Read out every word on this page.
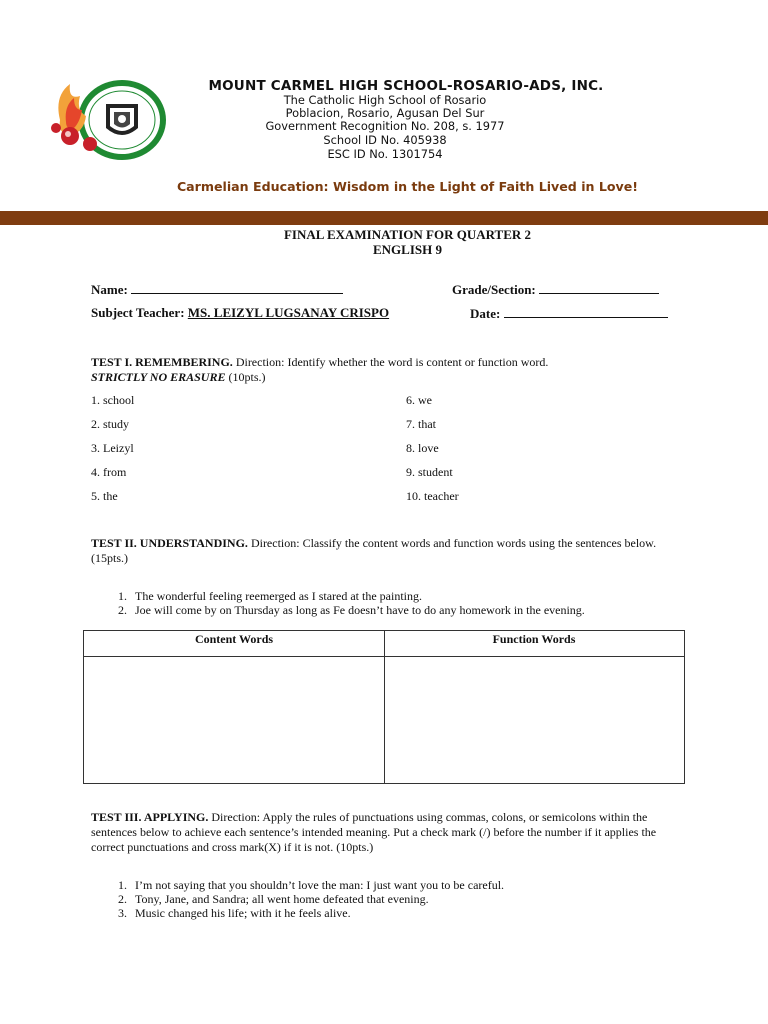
MOUNT CARMEL HIGH SCHOOL-ROSARIO-ADS, INC.
The Catholic High School of Rosario
Poblacion, Rosario, Agusan Del Sur
Government Recognition No. 208, s. 1977
School ID No. 405938
ESC ID No. 1301754
Carmelian Education: Wisdom in the Light of Faith Lived in Love!
FINAL EXAMINATION FOR QUARTER 2
ENGLISH 9
Name:	Grade/Section:
Subject Teacher: MS. LEIZYL LUGSANAY CRISPO	Date:
TEST I. REMEMBERING. Direction: Identify whether the word is content or function word.
STRICTLY NO ERASURE (10pts.)
1. school
2. study
3. Leizyl
4. from
5. the
6. we
7. that
8. love
9. student
10. teacher
TEST II. UNDERSTANDING. Direction: Classify the content words and function words using the sentences below. (15pts.)
1. The wonderful feeling reemerged as I stared at the painting.
2. Joe will come by on Thursday as long as Fe doesn’t have to do any homework in the evening.
Content Words	Function Words
TEST III. APPLYING. Direction: Apply the rules of punctuations using commas, colons, or semicolons within the sentences below to achieve each sentence’s intended meaning. Put a check mark (/) before the number if it applies the correct punctuations and cross mark(X) if it is not. (10pts.)
1. I’m not saying that you shouldn’t love the man: I just want you to be careful.
2. Tony, Jane, and Sandra; all went home defeated that evening.
3. Music changed his life; with it he feels alive.
